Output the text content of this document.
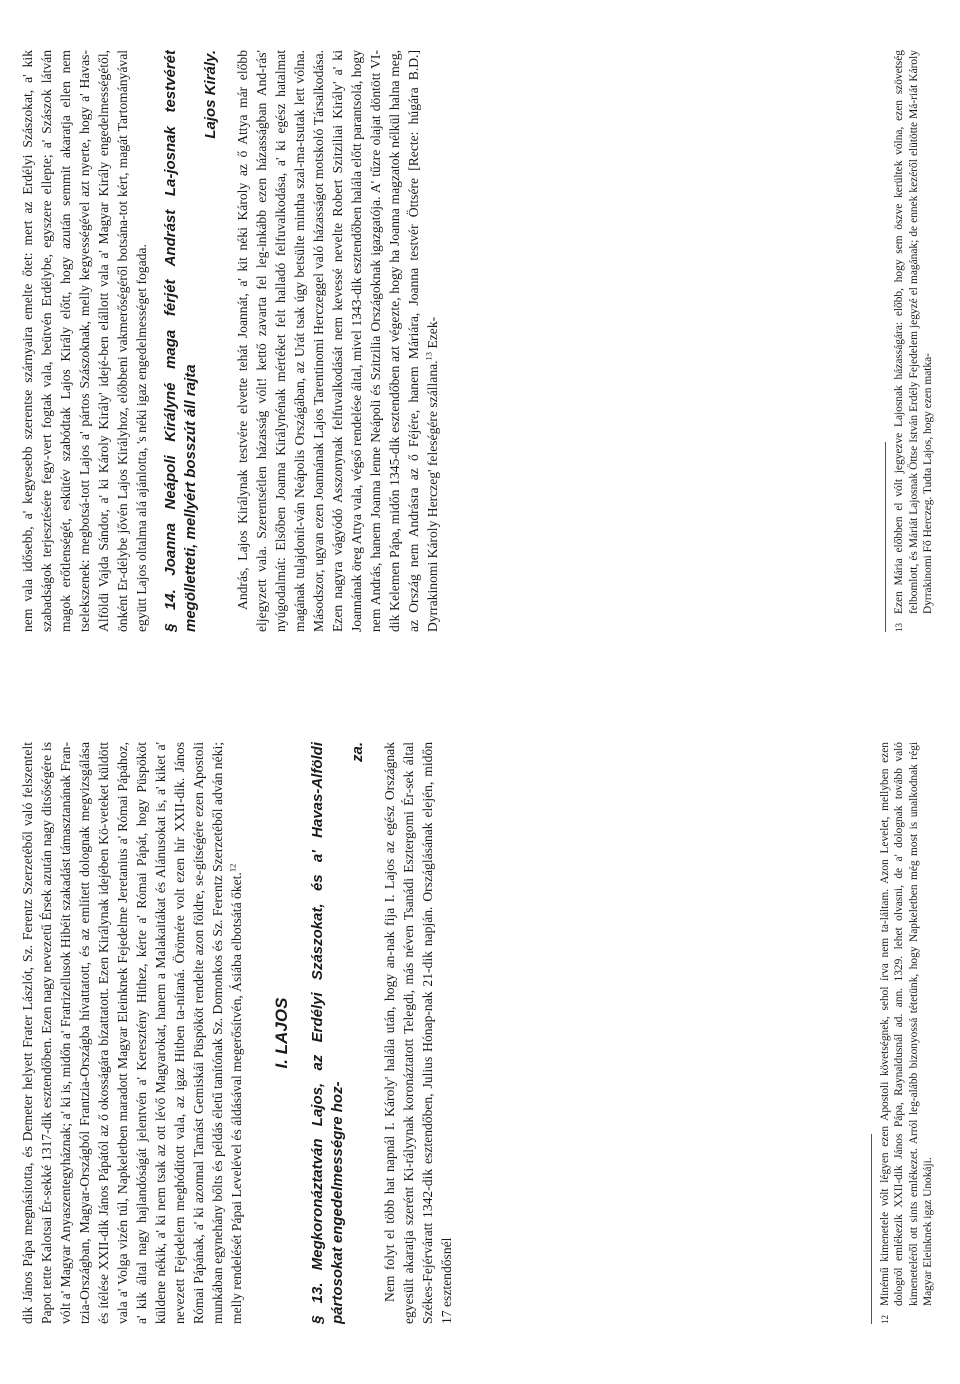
dik János Pápa megnásította, és Demeter helyett Frater Lászlót, Sz. Ferentz Szerzetéből való felszentelt Papot tette Kalotsai Ér-sekké 1317-dik esztendőben. Ezen nagy nevezetű Érsek azután nagy ditsőségére is vólt a' Magyar Anyaszentegyháznak; a' ki is, midőn a' Fratrizellusok Hibéit szakadást támasztanának Fran-tzia-Országban, Magyar-Országból Frantzia-Országba hívattatott, és az említett dolognak megvizsgálása és ítélése XXII-dik János Pápától az ő okosságára bízattatott. Ezen Királynak idejében Kö-veteket küldött vala a' Volga vizén túl, Napkeletben maradott Magyar Eleinknek Fejedelme Jeretanius a' Római Pápához, a' kik által nagy hajlandóságát jelentvén a' Keresztény Hithez, kérte a' Római Pápát, hogy Püspököt küldene nékik, a' ki nem tsak az ott lévő Magyarokat, hanem a Malakaitákat és Alánusokat is, a' kiket a' nevezett Fejedelem meghódított vala, az igaz Hitben ta-nítaná. Örömére volt ezen hír XXII-dik. János Római Pápának, a' ki azonnal Tamást Gemiskái Püspököt rendelte azon földre, se-gítségére ezen Apostoli munkában egynehány bőlts és példás életű tanítónak Sz. Domonkos és Sz. Ferentz Szerzetéből adván néki; melly rendelését Pápai Levelével és áldásával megerősítvén, Ásiába elbotsátá őket.$^{12}$

I. LAJOS § 13. Megkoronáztatván Lajos, az Erdélyi Szászokat, és a' Havas-Alföldi pártosokat engedelmességre hoz-
za. Nem folyt el több hat napnál I. Károly' halála után, hogy an-nak fija I. Lajos az egész Országnak egyesült akaratja szerént Ki-rályynak koronáztatott Telegdi, más néven Tsanádi Esztergomi Ér-sek által Székes-Fejérváratt 1342-dik esztendőben, Julius Hónap-nak 21-dik napján. Országlásának elején, midőn 17 esztendősnél	12Minémű kimenetele vólt légyen ezen Apostoli követségnek, sehol írva nem ta-láltam. Azon Levelet, mellyben ezen dologról emlékezik XXII-dik János Pápa, Raynaldusnál ad. ann. 1329. lehet olvasni, de a' dolognak tovább való kimeneteléről ott sints emlékezet. Arról leg-alább bizonyossá tétetünk, hogy Napkeletben még most is unalkodnak régi Magyar Eleinknek igaz Unokáji.

nem vala idősebb, a' kegyesebb szerentse szárnyaira emelte őtet: mert az Erdélyi Szászokat, a' kik szabadságok terjesztésére fegy-vert fogtak vala, beütvén Erdélybe, egyszere ellepte; a' Szászok látván magok erőtlenségét, eskütév szabódtak Lajos Király előtt, hogy azután semmit akaratja ellen nem tselekszenek: megbotsá-tott Lajos a' pártos Szászoknak, melly kegyességével azt nyerte, hogy a' Havas-Alföldi Vajda Sándor, a' ki Károly Király' idejé-ben elállott vala a' Magyar Király engedelmességétől, önként Er-délybe jővén Lajos Királyhoz, előbbeni vakmerőségéről botsána-tot kért, magát Tartományával együtt Lajos oltalma alá ajánlotta, 's néki igaz engedelmességet fogada. § 14. Joanna Neápoli Királyné maga férjét Andrást La-josnak testvérét megölletteti, mellyért bosszút áll rajta
Lajos Király. András, Lajos Királynak testvére elvette tehát Joannát, a' kit néki Károly az ő Attya már előbb eljegyzett vala. Szerentsétlen házasság vólt! kettő zavarta fel leg-inkább ezen házasságban And-rás' nyúgodalmát: Elsőben Joanna Királynénak mértéket felt halladó felfuvalkodása, a' ki egész hatalmat magának tulajdonít-ván Neápolis Országában, az Urát tsak úgy betsülte mintha szal-ma-tsutak lett vólna. Másodszor, ugyan ezen Joannának Lajos Tarentinomi Herczeggel való házasságot motskoló Társalkodása. Ezen nagyra vágyódó Asszonynak felfuvalkodását nem kevessé nevelte Robert Szitziliai Király' a' ki Joannának öreg Attya vala, végső rendelése által, mivel 1343-dik esztendőben halála előtt parantsolá, hogy nem András, hanem Joanna lenne Neápoli és Szitzilia Országoknak igazgatója. A' tűzre olajat döntött VI-dik Kelemen Pápa, midőn 1345-dik esztendőben azt végezte, hogy ha Joanna magzatok nélkül halna meg, az Ország nem Andrásra az ő Féjére, hanem Máriára, Joanna testvér Öttsére [Recte: húgára B.D.] Dyrrakinomi Károly Herczeg' feleségére szállana.$^{13}$ Ezek-

13Ezen Mária előbben el vólt jegyezve Lajosnak házasságára: előbb, hogy sem öszve kerültek vólna, ezen szövetség felbomlott, és Máriát Lajosnak Öttse István Erdély Fejedelem jegyzé el magának; de ennek kezéről elütötte Má-riát Károly Dyrrakinomi Fő Herczeg. Tudta Lajos, hogy ezen matka-
